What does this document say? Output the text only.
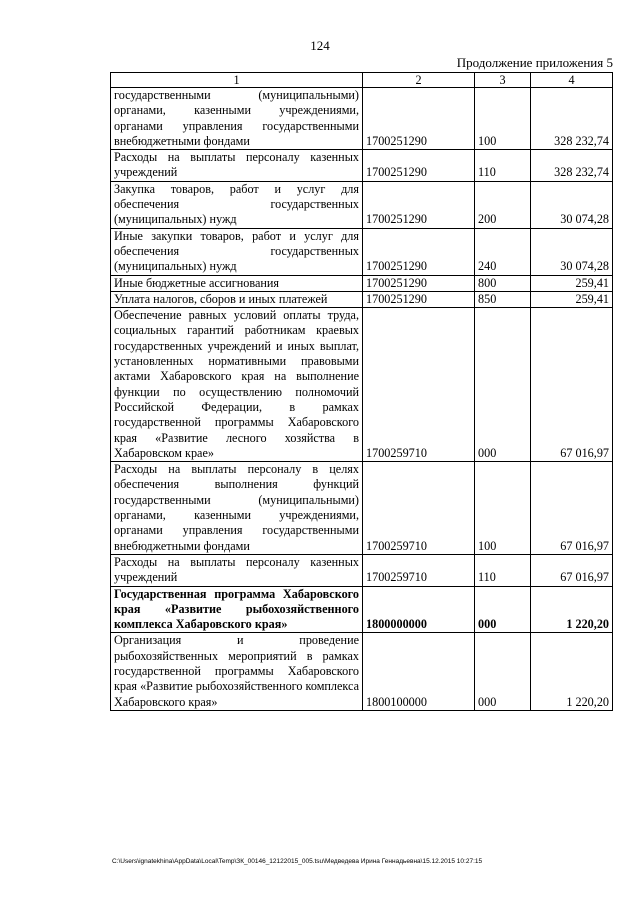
124
Продолжение приложения 5
1	2	3	4
государственными (муниципальными) органами, казенными учреждениями, органами управления государственными внебюджетными фондами	1700251290	100	328 232,74
Расходы на выплаты персоналу казенных учреждений	1700251290	110	328 232,74
Закупка товаров, работ и услуг для обеспечения государственных (муниципальных) нужд	1700251290	200	30 074,28
Иные закупки товаров, работ и услуг для обеспечения государственных (муниципальных) нужд	1700251290	240	30 074,28
Иные бюджетные ассигнования	1700251290	800	259,41
Уплата налогов, сборов и иных платежей	1700251290	850	259,41
Обеспечение равных условий оплаты труда, социальных гарантий работникам краевых государственных учреждений и иных выплат, установленных нормативными правовыми актами Хабаровского края на выполнение функции по осуществлению полномочий Российской Федерации, в рамках государственной программы Хабаровского края «Развитие лесного хозяйства в Хабаровском крае»	1700259710	000	67 016,97
Расходы на выплаты персоналу в целях обеспечения выполнения функций государственными (муниципальными) органами, казенными учреждениями, органами управления государственными внебюджетными фондами	1700259710	100	67 016,97
Расходы на выплаты персоналу казенных учреждений	1700259710	110	67 016,97
Государственная программа Хабаровского края «Развитие рыбохозяйственного комплекса Хабаровского края»	1800000000	000	1 220,20
Организация и проведение рыбохозяйственных мероприятий в рамках государственной программы Хабаровского края «Развитие рыбохозяйственного комплекса Хабаровского края»	1800100000	000	1 220,20
C:\Users\ignatekhina\AppData\Local\Temp\ЗК_00146_12122015_005.tsu\Медведева Ирина Геннадьевна\15.12.2015 10:27:15
